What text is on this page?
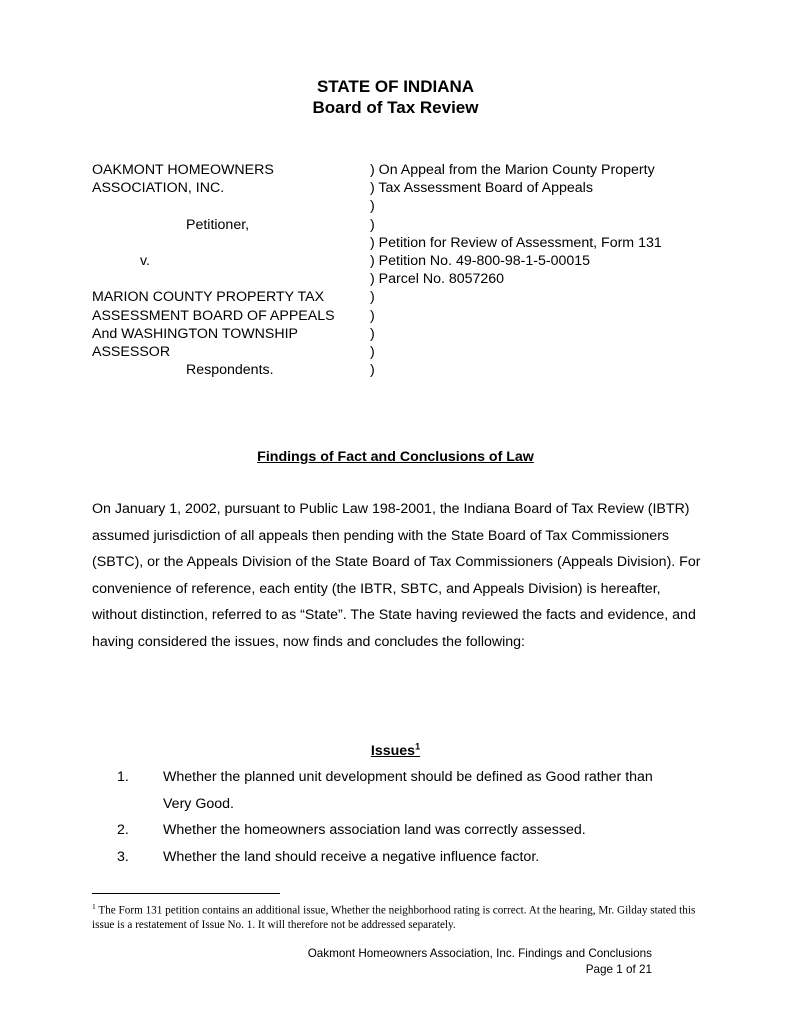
STATE OF INDIANA
Board of Tax Review
OAKMONT HOMEOWNERS
ASSOCIATION, INC.
Petitioner,
v.
MARION COUNTY PROPERTY TAX
ASSESSMENT BOARD OF APPEALS
And WASHINGTON TOWNSHIP
ASSESSOR
Respondents.
) On Appeal from the Marion County Property
) Tax Assessment Board of Appeals
)
)
) Petition for Review of Assessment, Form 131
) Petition No. 49-800-98-1-5-00015
) Parcel No. 8057260
)
)
)
)
)
Findings of Fact and Conclusions of Law
On January 1, 2002, pursuant to Public Law 198-2001, the Indiana Board of Tax Review (IBTR) assumed jurisdiction of all appeals then pending with the State Board of Tax Commissioners (SBTC), or the Appeals Division of the State Board of Tax Commissioners (Appeals Division). For convenience of reference, each entity (the IBTR, SBTC, and Appeals Division) is hereafter, without distinction, referred to as “State”. The State having reviewed the facts and evidence, and having considered the issues, now finds and concludes the following:
Issues$^1$
1. Whether the planned unit development should be defined as Good rather than Very Good.
2. Whether the homeowners association land was correctly assessed.
3. Whether the land should receive a negative influence factor.
$^1$ The Form 131 petition contains an additional issue, Whether the neighborhood rating is correct. At the hearing, Mr. Gilday stated this issue is a restatement of Issue No. 1. It will therefore not be addressed separately.
Oakmont Homeowners Association, Inc. Findings and Conclusions
Page 1 of 21
